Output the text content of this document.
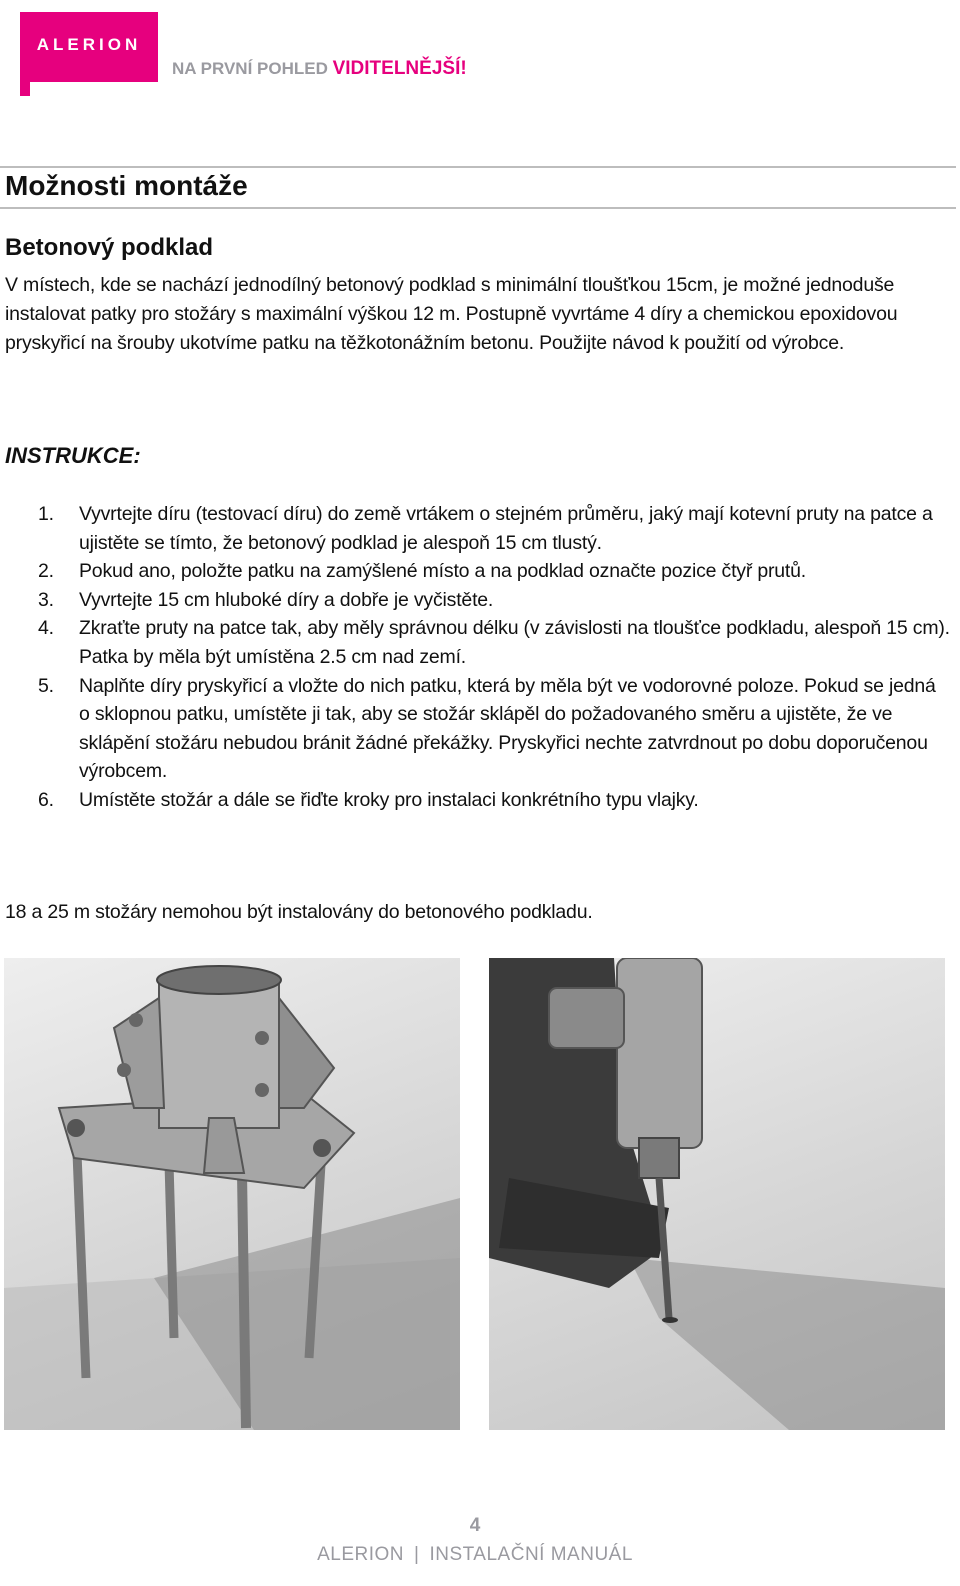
ALERION
NA PRVNÍ POHLED VIDITELNĚJŠÍ!
Možnosti montáže
Betonový podklad

V místech, kde se nachází jednodílný betonový podklad s minimální tloušťkou 15cm, je možné jednoduše instalovat patky pro stožáry s maximální výškou 12 m. Postupně vyvrtáme 4 díry a chemickou epoxidovou pryskyřicí na šrouby ukotvíme patku na těžkotonážním betonu. Použijte návod k použití od výrobce.

INSTRUKCE:
1. Vyvrtejte díru (testovací díru) do země vrtákem o stejném průměru, jaký mají kotevní pruty na patce a ujistěte se tímto, že betonový podklad je alespoň 15 cm tlustý.
2. Pokud ano, položte patku na zamýšlené místo a na podklad označte pozice čtyř prutů.
3. Vyvrtejte 15 cm hluboké díry a dobře je vyčistěte.
4. Zkraťte pruty na patce tak, aby měly správnou délku (v závislosti na tloušťce podkladu, alespoň 15 cm). Patka by měla být umístěna 2.5 cm nad zemí.
5. Naplňte díry pryskyřicí a vložte do nich patku, která by měla být ve vodorovné poloze. Pokud se jedná o sklopnou patku, umístěte ji tak, aby se stožár sklápěl do požadovaného směru a ujistěte, že ve sklápění stožáru nebudou bránit žádné překážky. Pryskyřici nechte zatvrdnout po dobu doporučenou výrobcem.
6. Umístěte stožár a dále se řiďte kroky pro instalaci konkrétního typu vlajky.
18 a 25 m stožáry nemohou být instalovány do betonového podkladu.
4
ALERION | INSTALAČNÍ MANUÁL
